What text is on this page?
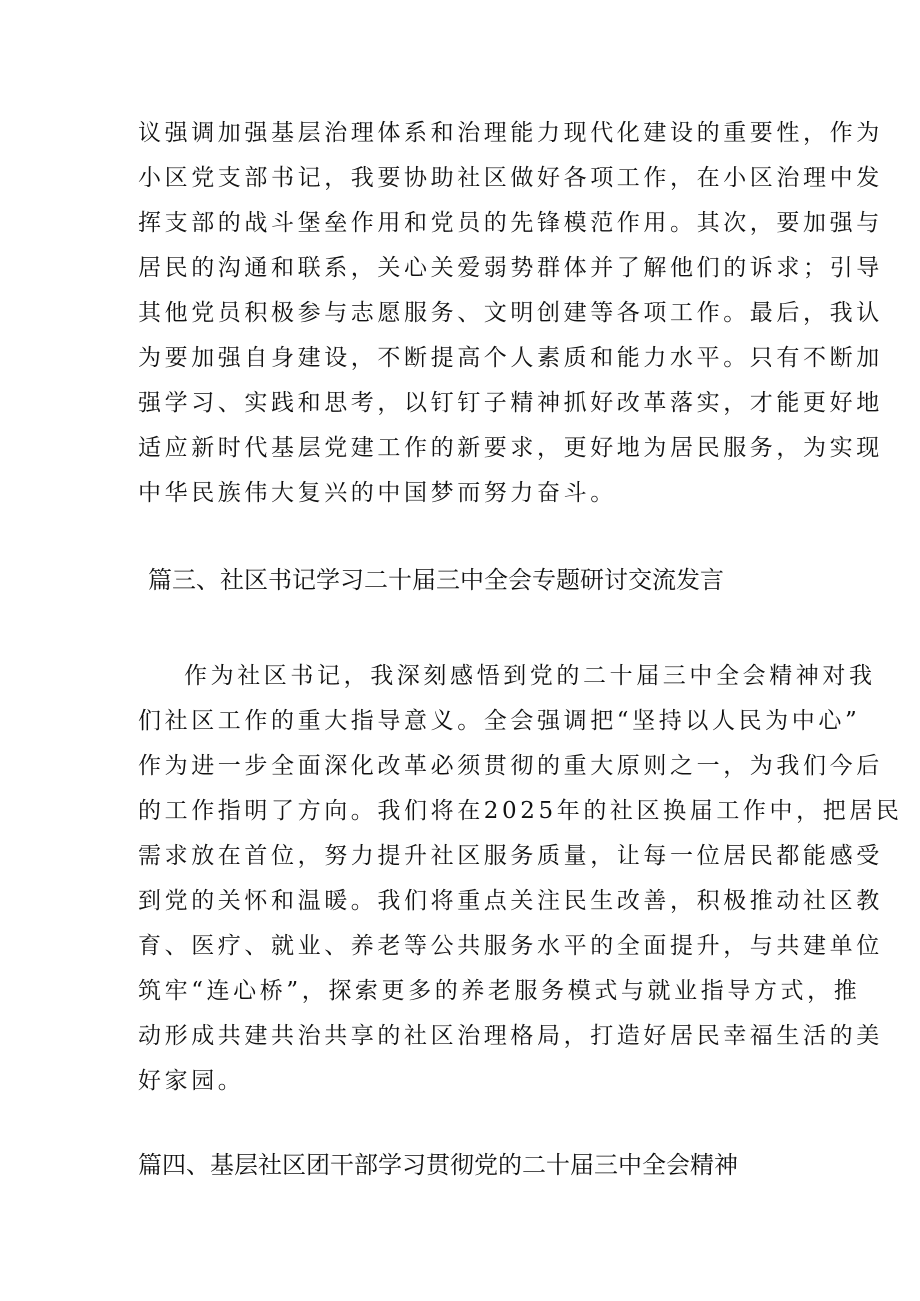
议强调加强基层治理体系和治理能力现代化建设的重要性，作为
小区党支部书记，我要协助社区做好各项工作，在小区治理中发
挥支部的战斗堡垒作用和党员的先锋模范作用。其次，要加强与
居民的沟通和联系，关心关爱弱势群体并了解他们的诉求；引导
其他党员积极参与志愿服务、文明创建等各项工作。最后，我认
为要加强自身建设，不断提高个人素质和能力水平。只有不断加
强学习、实践和思考，以钉钉子精神抓好改革落实，才能更好地
适应新时代基层党建工作的新要求，更好地为居民服务，为实现
中华民族伟大复兴的中国梦而努力奋斗。
篇三、社区书记学习二十届三中全会专题研讨交流发言
作为社区书记，我深刻感悟到党的二十届三中全会精神对我
们社区工作的重大指导意义。全会强调把“坚持以人民为中心”
作为进一步全面深化改革必须贯彻的重大原则之一，为我们今后
的工作指明了方向。我们将在2025年的社区换届工作中，把居民
需求放在首位，努力提升社区服务质量，让每一位居民都能感受
到党的关怀和温暖。我们将重点关注民生改善，积极推动社区教
育、医疗、就业、养老等公共服务水平的全面提升，与共建单位
筑牢“连心桥”，探索更多的养老服务模式与就业指导方式，推
动形成共建共治共享的社区治理格局，打造好居民幸福生活的美
好家园。
篇四、基层社区团干部学习贯彻党的二十届三中全会精神
